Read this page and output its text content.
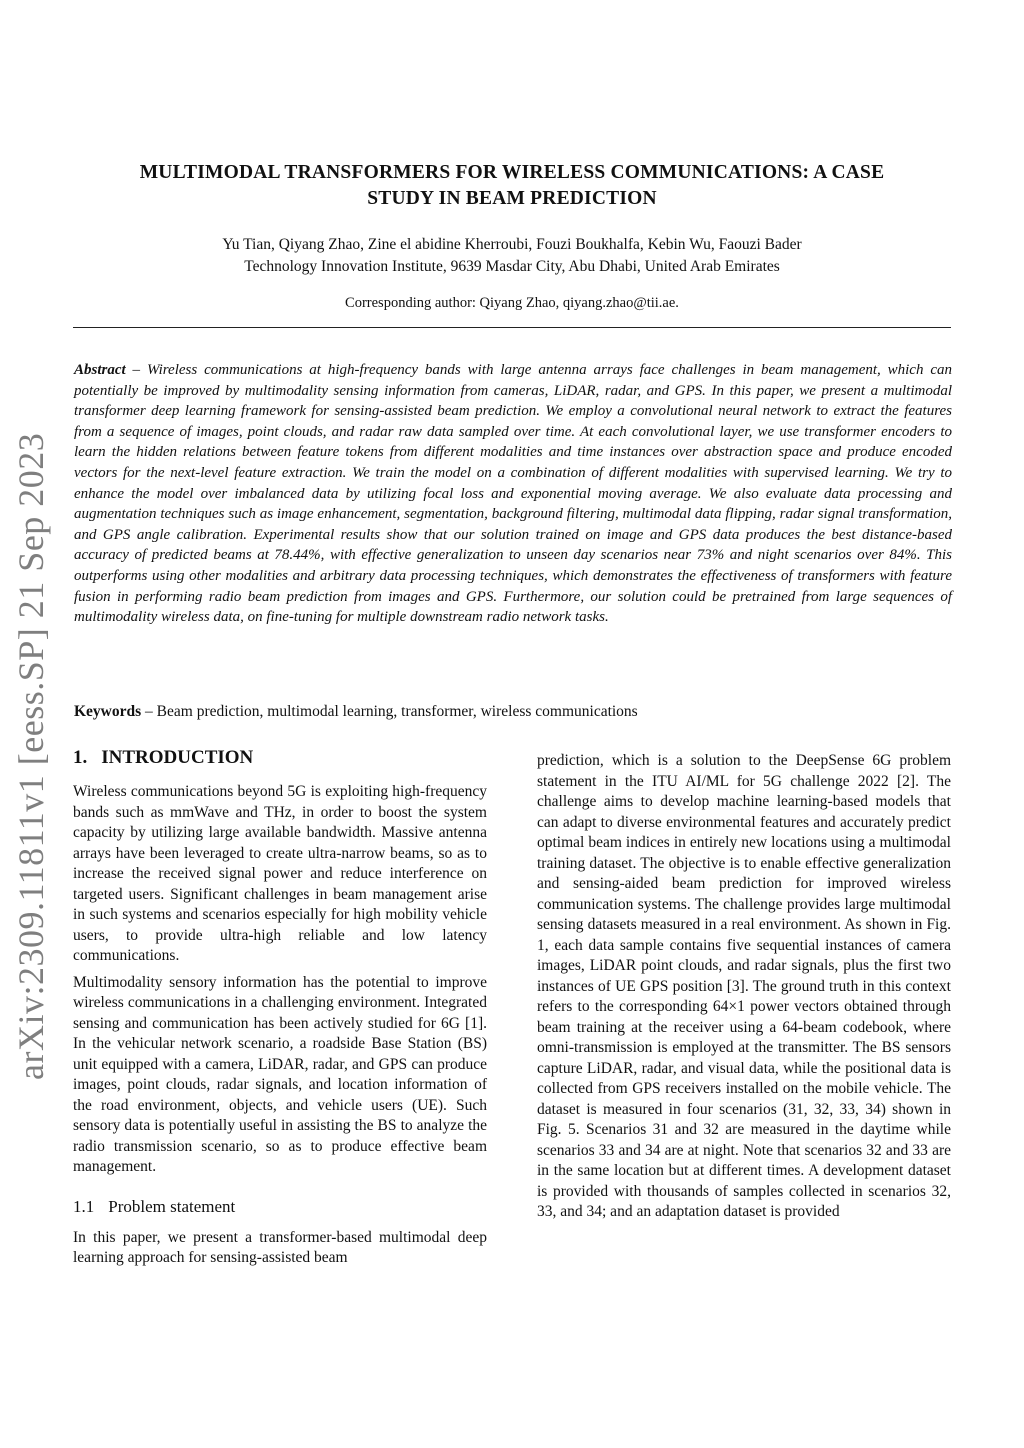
arXiv:2309.11811v1 [eess.SP] 21 Sep 2023
MULTIMODAL TRANSFORMERS FOR WIRELESS COMMUNICATIONS: A CASE STUDY IN BEAM PREDICTION
Yu Tian, Qiyang Zhao, Zine el abidine Kherroubi, Fouzi Boukhalfa, Kebin Wu, Faouzi Bader
Technology Innovation Institute, 9639 Masdar City, Abu Dhabi, United Arab Emirates
Corresponding author: Qiyang Zhao, qiyang.zhao@tii.ae.
Abstract – Wireless communications at high-frequency bands with large antenna arrays face challenges in beam management, which can potentially be improved by multimodality sensing information from cameras, LiDAR, radar, and GPS. In this paper, we present a multimodal transformer deep learning framework for sensing-assisted beam prediction. We employ a convolutional neural network to extract the features from a sequence of images, point clouds, and radar raw data sampled over time. At each convolutional layer, we use transformer encoders to learn the hidden relations between feature tokens from different modalities and time instances over abstraction space and produce encoded vectors for the next-level feature extraction. We train the model on a combination of different modalities with supervised learning. We try to enhance the model over imbalanced data by utilizing focal loss and exponential moving average. We also evaluate data processing and augmentation techniques such as image enhancement, segmentation, background filtering, multimodal data flipping, radar signal transformation, and GPS angle calibration. Experimental results show that our solution trained on image and GPS data produces the best distance-based accuracy of predicted beams at 78.44%, with effective generalization to unseen day scenarios near 73% and night scenarios over 84%. This outperforms using other modalities and arbitrary data processing techniques, which demonstrates the effectiveness of transformers with feature fusion in performing radio beam prediction from images and GPS. Furthermore, our solution could be pretrained from large sequences of multimodality wireless data, on fine-tuning for multiple downstream radio network tasks.
Keywords – Beam prediction, multimodal learning, transformer, wireless communications
1. INTRODUCTION

Wireless communications beyond 5G is exploiting high-frequency bands such as mmWave and THz, in order to boost the system capacity by utilizing large available bandwidth. Massive antenna arrays have been leveraged to create ultra-narrow beams, so as to increase the received signal power and reduce interference on targeted users. Significant challenges in beam management arise in such systems and scenarios especially for high mobility vehicle users, to provide ultra-high reliable and low latency communications.

Multimodality sensory information has the potential to improve wireless communications in a challenging environment. Integrated sensing and communication has been actively studied for 6G [1]. In the vehicular network scenario, a roadside Base Station (BS) unit equipped with a camera, LiDAR, radar, and GPS can produce images, point clouds, radar signals, and location information of the road environment, objects, and vehicle users (UE). Such sensory data is potentially useful in assisting the BS to analyze the radio transmission scenario, so as to produce effective beam management.

1.1 Problem statement

In this paper, we present a transformer-based multimodal deep learning approach for sensing-assisted beam

prediction, which is a solution to the DeepSense 6G problem statement in the ITU AI/ML for 5G challenge 2022 [2]. The challenge aims to develop machine learning-based models that can adapt to diverse environmental features and accurately predict optimal beam indices in entirely new locations using a multimodal training dataset. The objective is to enable effective generalization and sensing-aided beam prediction for improved wireless communication systems. The challenge provides large multimodal sensing datasets measured in a real environment. As shown in Fig. 1, each data sample contains five sequential instances of camera images, LiDAR point clouds, and radar signals, plus the first two instances of UE GPS position [3]. The ground truth in this context refers to the corresponding 64×1 power vectors obtained through beam training at the receiver using a 64-beam codebook, where omni-transmission is employed at the transmitter. The BS sensors capture LiDAR, radar, and visual data, while the positional data is collected from GPS receivers installed on the mobile vehicle. The dataset is measured in four scenarios (31, 32, 33, 34) shown in Fig. 5. Scenarios 31 and 32 are measured in the daytime while scenarios 33 and 34 are at night. Note that scenarios 32 and 33 are in the same location but at different times. A development dataset is provided with thousands of samples collected in scenarios 32, 33, and 34; and an adaptation dataset is provided
